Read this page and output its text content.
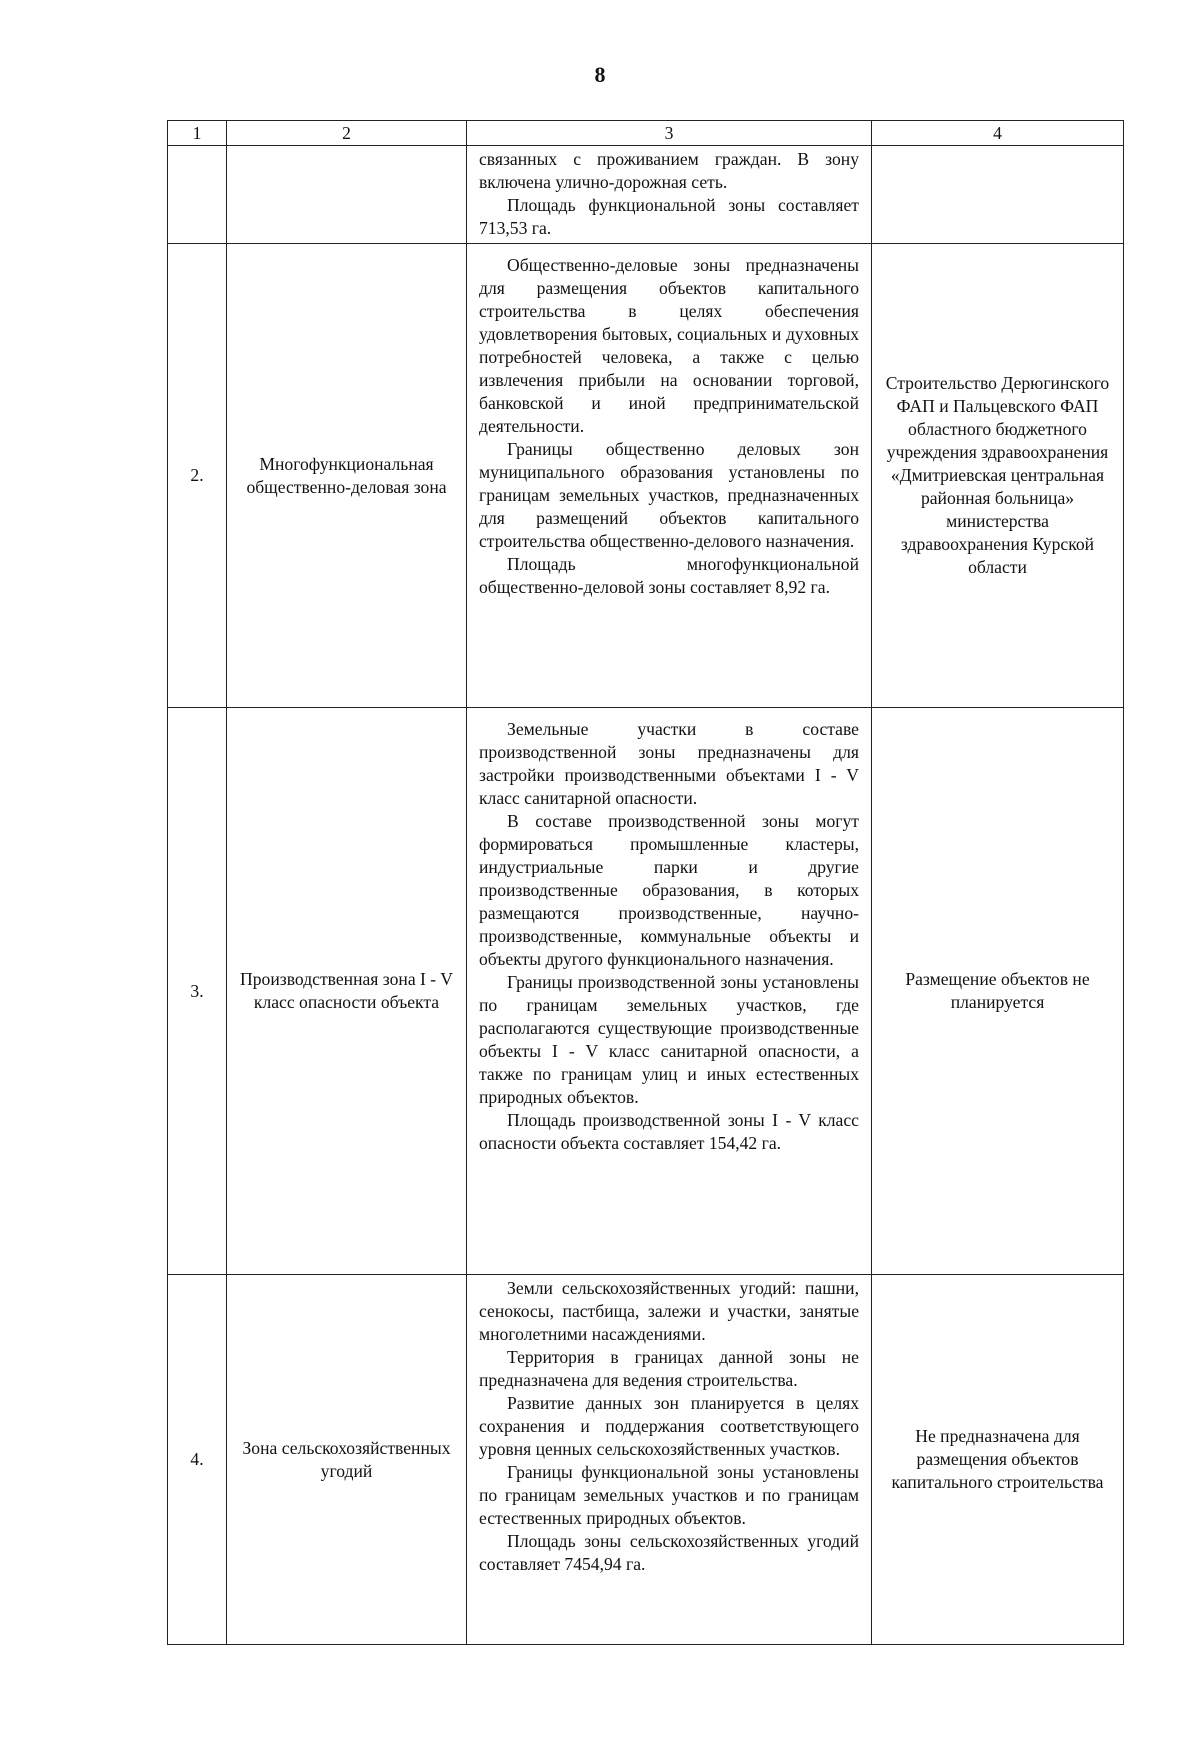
8
1	2	3	4

		связанных с проживанием граждан. В зону включена улично-дорожная сеть.

Площадь функциональной зоны составляет 713,53 га.	

2.	Многофункциональная общественно-деловая зона	Общественно-деловые зоны предназначены для размещения объектов капитального строительства в целях обеспечения удовлетворения бытовых, социальных и духовных потребностей человека, а также с целью извлечения прибыли на основании торговой, банковской и иной предпринимательской деятельности.

Границы общественно деловых зон муниципального образования установлены по границам земельных участков, предназначенных для размещений объектов капитального строительства общественно-делового назначения.

Площадь многофункциональной общественно-деловой зоны составляет 8,92 га.	Строительство Дерюгинского ФАП и Пальцевского ФАП областного бюджетного учреждения здравоохранения «Дмитриевская центральная районная больница» министерства здравоохранения Курской области
3.	Производственная зона I - V класс опасности объекта	Земельные участки в составе производственной зоны предназначены для застройки производственными объектами I - V класс санитарной опасности.

В составе производственной зоны могут формироваться промышленные кластеры, индустриальные парки и другие производственные образования, в которых размещаются производственные, научно-производственные, коммунальные объекты и объекты другого функционального назначения.

Границы производственной зоны установлены по границам земельных участков, где располагаются существующие производственные объекты I - V класс санитарной опасности, а также по границам улиц и иных естественных природных объектов.

Площадь производственной зоны I - V класс опасности объекта составляет 154,42 га.	Размещение объектов не планируется
4.	Зона сельскохозяйственных угодий	Земли сельскохозяйственных угодий: пашни, сенокосы, пастбища, залежи и участки, занятые многолетними насаждениями.

Территория в границах данной зоны не предназначена для ведения строительства.

Развитие данных зон планируется в целях сохранения и поддержания соответствующего уровня ценных сельскохозяйственных участков.

Границы функциональной зоны установлены по границам земельных участков и по границам естественных природных объектов.

Площадь зоны сельскохозяйственных угодий составляет 7454,94 га.	Не предназначена для размещения объектов капитального строительства
